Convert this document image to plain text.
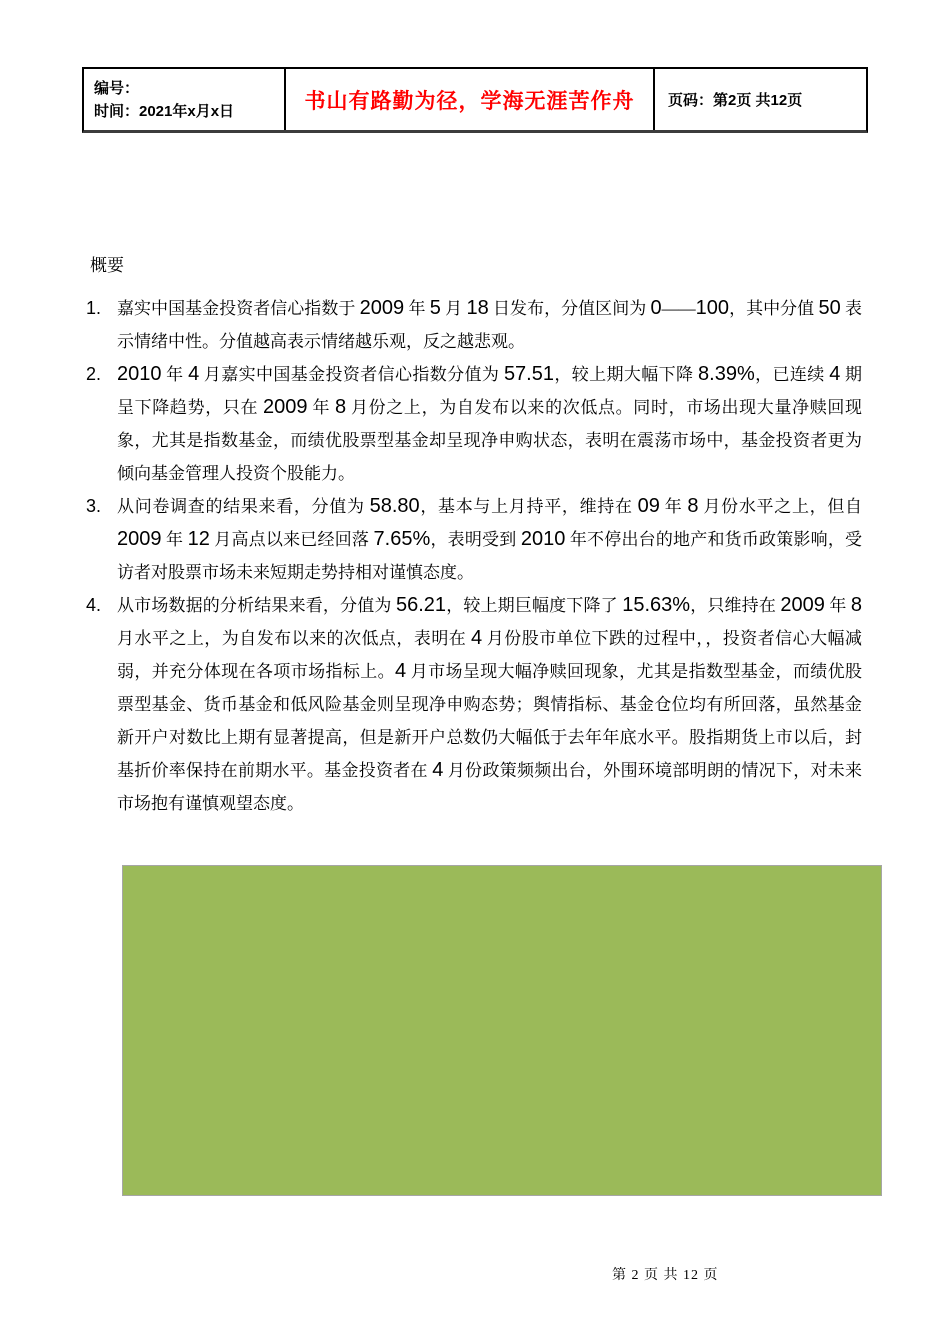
编号：
时间：2021年x月x日	书山有路勤为径，学海无涯苦作舟 页码：第2页 共12页
概要
1. 嘉实中国基金投资者信心指数于 2009 年 5 月 18 日发布，分值区间为 0——100，其中分值 50 表示情绪中性。分值越高表示情绪越乐观，反之越悲观。
2. 2010 年 4 月嘉实中国基金投资者信心指数分值为 57.51，较上期大幅下降 8.39%，已连续 4 期呈下降趋势，只在 2009 年 8 月份之上，为自发布以来的次低点。同时，市场出现大量净赎回现象，尤其是指数基金，而绩优股票型基金却呈现净申购状态，表明在震荡市场中，基金投资者更为倾向基金管理人投资个股能力。
3. 从问卷调查的结果来看，分值为 58.80，基本与上月持平，维持在 09 年 8 月份水平之上，但自 2009 年 12 月高点以来已经回落 7.65%，表明受到 2010 年不停出台的地产和货币政策影响，受访者对股票市场未来短期走势持相对谨慎态度。
4. 从市场数据的分析结果来看，分值为 56.21，较上期巨幅度下降了 15.63%，只维持在 2009 年 8 月水平之上，为自发布以来的次低点，表明在 4 月份股市单位下跌的过程中，，投资者信心大幅减弱，并充分体现在各项市场指标上。4 月市场呈现大幅净赎回现象，尤其是指数型基金，而绩优股票型基金、货币基金和低风险基金则呈现净申购态势；舆情指标、基金仓位均有所回落，虽然基金新开户对数比上期有显著提高，但是新开户总数仍大幅低于去年年底水平。股指期货上市以后，封基折价率保持在前期水平。基金投资者在 4 月份政策频频出台，外围环境部明朗的情况下，对未来市场抱有谨慎观望态度。
第 2 页 共 12 页
